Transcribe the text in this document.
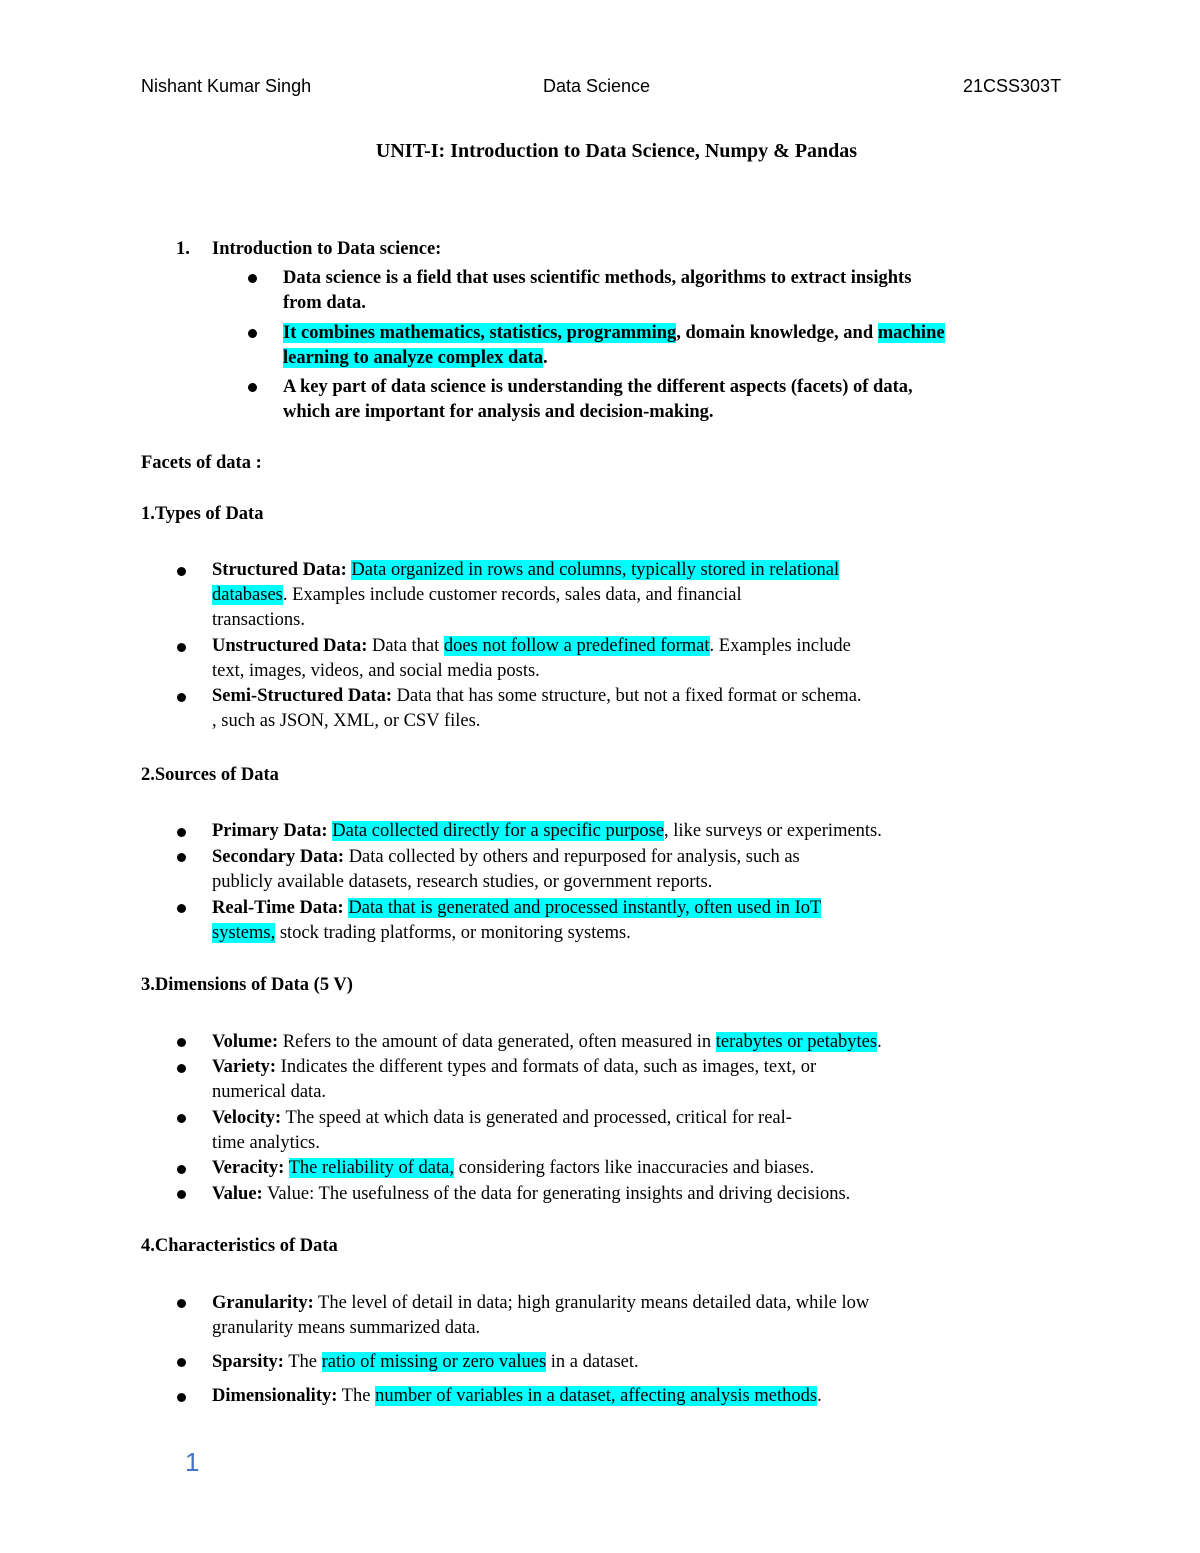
Nishant Kumar Singh	Data Science	21CSS303T
UNIT-I: Introduction to Data Science, Numpy & Pandas
1. Introduction to Data science:
Data science is a field that uses scientific methods, algorithms to extract insights
from data.
It combines mathematics, statistics, programming, domain knowledge, and machine
learning to analyze complex data.
A key part of data science is understanding the different aspects (facets) of data,
which are important for analysis and decision-making.
Facets of data :
1.Types of Data
Structured Data: Data organized in rows and columns, typically stored in relational
databases. Examples include customer records, sales data, and financial
transactions.
Unstructured Data: Data that does not follow a predefined format. Examples include
text, images, videos, and social media posts.
Semi-Structured Data: Data that has some structure, but not a fixed format or schema.
, such as JSON, XML, or CSV files.
2.Sources of Data
Primary Data: Data collected directly for a specific purpose, like surveys or experiments.
Secondary Data: Data collected by others and repurposed for analysis, such as
publicly available datasets, research studies, or government reports.
Real-Time Data: Data that is generated and processed instantly, often used in IoT
systems, stock trading platforms, or monitoring systems.
3.Dimensions of Data (5 V)
Volume: Refers to the amount of data generated, often measured in terabytes or petabytes.
Variety: Indicates the different types and formats of data, such as images, text, or
numerical data.
Velocity: The speed at which data is generated and processed, critical for real-
time analytics.
Veracity: The reliability of data, considering factors like inaccuracies and biases.
Value: Value: The usefulness of the data for generating insights and driving decisions.
4.Characteristics of Data
Granularity: The level of detail in data; high granularity means detailed data, while low
granularity means summarized data.
Sparsity: The ratio of missing or zero values in a dataset.
Dimensionality: The number of variables in a dataset, affecting analysis methods.
1
